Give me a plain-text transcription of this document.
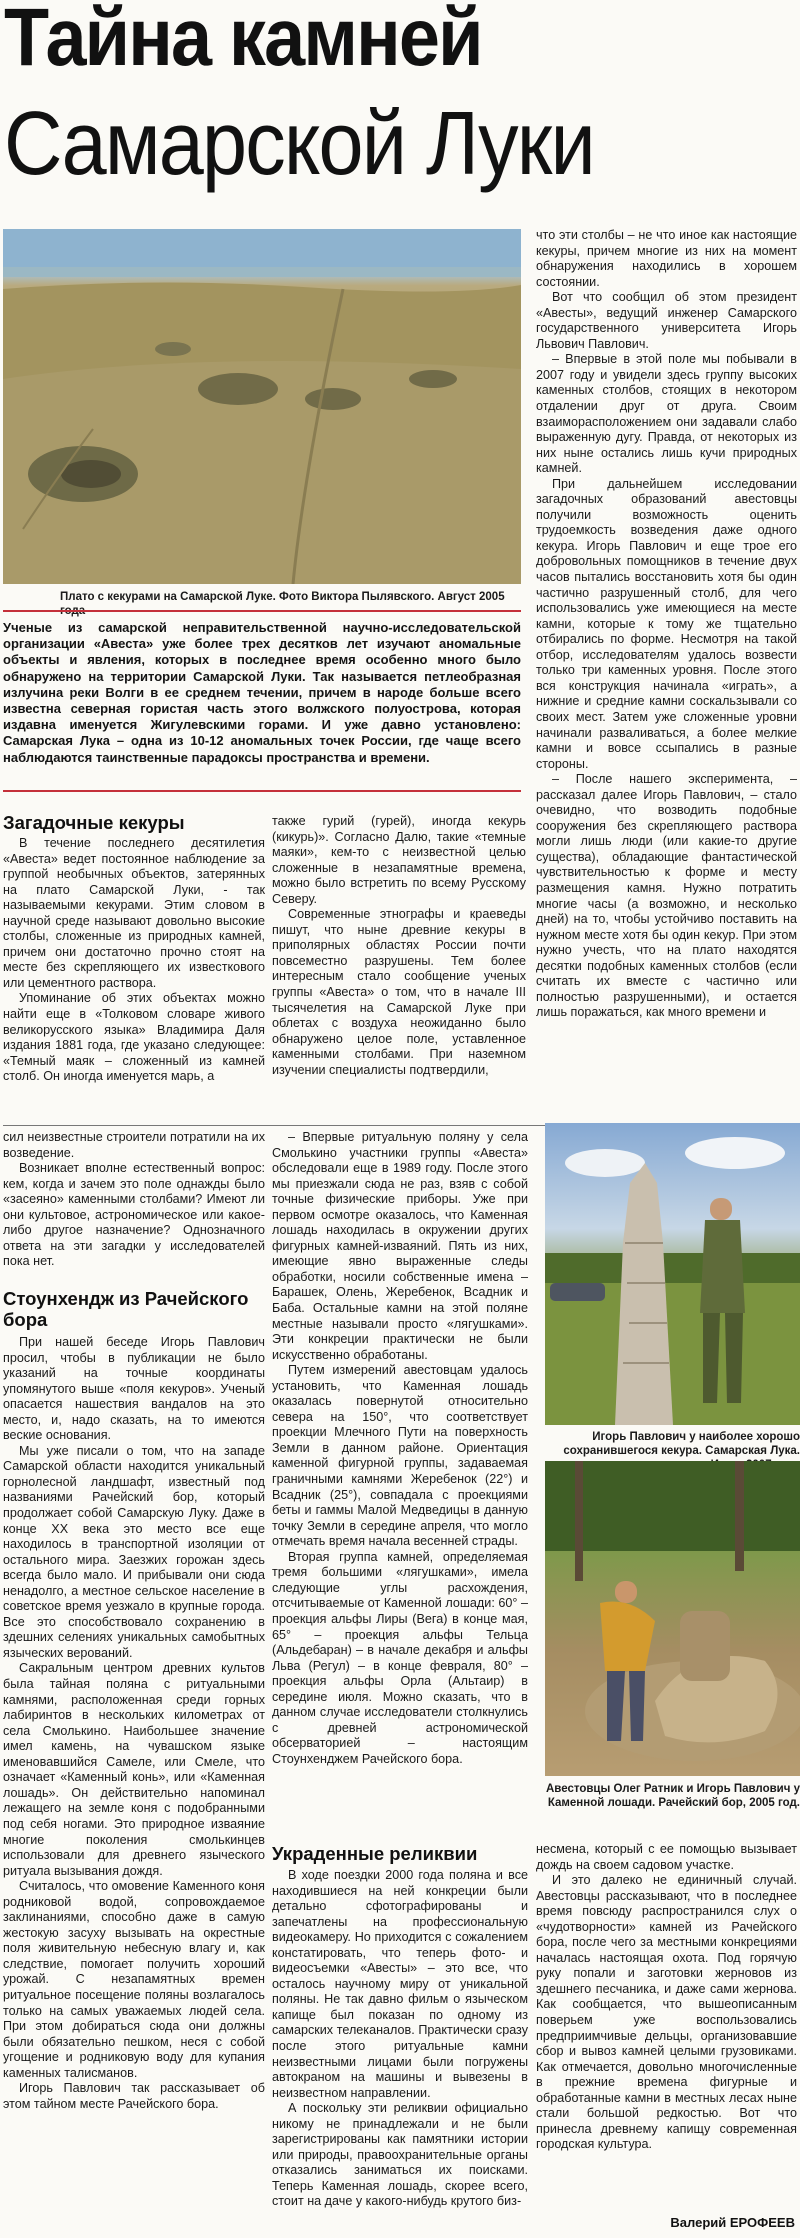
Тайна камней
Самарской Луки
Плато с кекурами на Самарской Луке. Фото Виктора Пылявского. Август 2005
Ученые из самарской неправительственной научно-исследовательской организации «Авеста» уже более трех десятков лет изучают аномальные объекты и явления, которых в последнее время особенно много было обнаружено на территории Самарской Луки. Так называется петлеобразная излучина реки Волги в ее среднем течении, причем в народе больше всего известна северная гористая часть этого волжского полуострова, которая издавна именуется Жигулевскими горами. И уже давно установлено: Самарская Лука – одна из 10-12 аномальных точек России, где чаще всего наблюдаются таинственные парадоксы пространства и времени.

что эти столбы – не что иное как настоящие кекуры, причем многие из них на момент обнаружения находились в хорошем состоянии.

Вот что сообщил об этом президент «Авесты», ведущий инженер Самарского государственного университета Игорь Львович Павлович.

– Впервые в этой поле мы побывали в 2007 году и увидели здесь группу высоких каменных столбов, стоящих в некотором отдалении друг от друга. Своим взаиморасположением они задавали слабо выраженную дугу. Правда, от некоторых из них ныне остались лишь кучи природных камней.

При дальнейшем исследовании загадочных образований авестовцы получили возможность оценить трудоемкость возведения даже одного кекура. Игорь Павлович и еще трое его добровольных помощников в течение двух часов пытались восстановить хотя бы один частично разрушенный столб, для чего использовались уже имеющиеся на месте камни, которые к тому же тщательно отбирались по форме. Несмотря на такой отбор, исследователям удалось возвести только три каменных уровня. После этого вся конструкция начинала «играть», а нижние и средние камни соскальзывали со своих мест. Затем уже сложенные уровни начинали разваливаться, а более мелкие камни и вовсе ссыпались в разные стороны.

– После нашего эксперимента, – рассказал далее Игорь Павлович, – стало очевидно, что возводить подобные сооружения без скрепляющего раствора могли лишь люди (или какие-то другие существа), обладающие фантастической чувствительностью к форме и месту размещения камня. Нужно потратить многие часы (а возможно, и несколько дней) на то, чтобы устойчиво поставить на нужном месте хотя бы один кекур. При этом нужно учесть, что на плато находятся десятки подобных каменных столбов (если считать их вместе с частично или полностью разрушенными), и остается лишь поражаться, как много времени и

Загадочные кекуры

В течение последнего десятилетия «Авеста» ведет постоянное наблюдение за группой необычных объектов, затерянных на плато Самарской Луки, - так называемыми кекурами. Этим словом в научной среде называют довольно высокие столбы, сложенные из природных камней, причем они достаточно прочно стоят на месте без скрепляющего их известкового или цементного раствора.

Упоминание об этих объектах можно найти еще в «Толковом словаре живого великорусского языка» Владимира Даля издания 1881 года, где указано следующее: «Темный маяк – сложенный из камней столб. Он иногда именуется марь, а

также гурий (гурей), иногда кекурь (кикурь)». Согласно Далю, такие «темные маяки», кем-то с неизвестной целью сложенные в незапамятные времена, можно было встретить по всему Русскому Северу.

Современные этнографы и краеведы пишут, что ныне древние кекуры в приполярных областях России почти повсеместно разрушены. Тем более интересным стало сообщение ученых группы «Авеста» о том, что в начале III тысячелетия на Самарской Луке при облетах с воздуха неожиданно было обнаружено целое поле, уставленное каменными столбами. При наземном изучении специалисты подтвердили,

сил неизвестные строители потратили на их возведение.

Возникает вполне естественный вопрос: кем, когда и зачем это поле однажды было «засеяно» каменными столбами? Имеют ли они культовое, астрономическое или какое-либо другое назначение? Однозначного ответа на эти загадки у исследователей пока нет.

Стоунхендж из Рачейского бора

При нашей беседе Игорь Павлович просил, чтобы в публикации не было указаний на точные координаты упомянутого выше «поля кекуров». Ученый опасается нашествия вандалов на это место, и, надо сказать, на то имеются веские основания.

Мы уже писали о том, что на западе Самарской области находится уникальный горнолесной ландшафт, известный под названиями Рачейский бор, который продолжает собой Самарскую Луку. Даже в конце XX века это место все еще находилось в транспортной изоляции от остального мира. Заезжих горожан здесь всегда было мало. И прибывали они сюда ненадолго, а местное сельское население в советское время уезжало в крупные города. Все это способствовало сохранению в здешних селениях уникальных самобытных языческих верований.

Сакральным центром древних культов была тайная поляна с ритуальными камнями, расположенная среди горных лабиринтов в нескольких километрах от села Смолькино. Наибольшее значение имел камень, на чувашском языке именовавшийся Самеле, или Смеле, что означает «Каменный конь», или «Каменная лошадь». Он действительно напоминал лежащего на земле коня с подобранными под себя ногами. Это природное изваяние многие поколения смолькинцев использовали для древнего языческого ритуала вызывания дождя.

Считалось, что омовение Каменного коня родниковой водой, сопровождаемое заклинаниями, способно даже в самую жестокую засуху вызывать на окрестные поля живительную небесную влагу и, как следствие, помогает получить хороший урожай. С незапамятных времен ритуальное посещение поляны возлагалось только на самых уважаемых людей села. При этом добираться сюда они должны были обязательно пешком, неся с собой угощение и родниковую воду для купания каменных талисманов.

Игорь Павлович так рассказывает об этом тайном месте Рачейского бора.

– Впервые ритуальную поляну у села Смолькино участники группы «Авеста» обследовали еще в 1989 году. После этого мы приезжали сюда не раз, взяв с собой точные физические приборы. Уже при первом осмотре оказалось, что Каменная лошадь находилась в окружении других фигурных камней-изваяний. Пять из них, имеющие явно выраженные следы обработки, носили собственные имена – Барашек, Олень, Жеребенок, Всадник и Баба. Остальные камни на этой поляне местные называли просто «лягушками». Эти конкреции практически не были искусственно обработаны.

Путем измерений авестовцам удалось установить, что Каменная лошадь оказалась повернутой относительно севера на 150°, что соответствует проекции Млечного Пути на поверхность Земли в данном районе. Ориентация каменной фигурной группы, задаваемая граничными камнями Жеребенок (22°) и Всадник (25°), совпадала с проекциями беты и гаммы Малой Медведицы в данную точку Земли в середине апреля, что могло отмечать время начала весенней страды.

Вторая группа камней, определяемая тремя большими «лягушками», имела следующие углы расхождения, отсчитываемые от Каменной лошади: 60° – проекция альфы Лиры (Вега) в конце мая, 65° – проекция альфы Тельца (Альдебаран) – в начале декабря и альфы Льва (Регул) – в конце февраля, 80° – проекция альфы Орла (Альтаир) в середине июля. Можно сказать, что в данном случае исследователи столкнулись с древней астрономической обсерваторией – настоящим Стоунхенджем Рачейского бора.

Украденные реликвии

В ходе поездки 2000 года поляна и все находившиеся на ней конкреции были детально сфотографированы и запечатлены на профессиональную видеокамеру. Но приходится с сожалением констатировать, что теперь фото- и видеосъемки «Авесты» – это все, что осталось научному миру от уникальной поляны. Не так давно фильм о языческом капище был показан по одному из самарских телеканалов. Практически сразу после этого ритуальные камни неизвестными лицами были погружены автокраном на машины и вывезены в неизвестном направлении.

А поскольку эти реликвии официально никому не принадлежали и не были зарегистрированы как памятники истории или природы, правоохранительные органы отказались заниматься их поисками. Теперь Каменная лошадь, скорее всего, стоит на даче у какого-нибудь крутого биз-

Игорь Павлович у наиболее хорошо сохранившегося кекура. Самарская Лука.
Авестовцы Олег Ратник и Игорь Павлович у Каменной лошади. Рачейский бор, 2005 год.

несмена, который с ее помощью вызывает дождь на своем садовом участке.

И это далеко не единичный случай. Авестовцы рассказывают, что в последнее время повсюду распространился слух о «чудотворности» камней из Рачейского бора, после чего за местными конкрециями началась настоящая охота. Под горячую руку попали и заготовки жерновов из здешнего песчаника, и даже сами жернова. Как сообщается, что вышеописанным поверьем уже воспользовались предприимчивые дельцы, организовавшие сбор и вывоз камней целыми грузовиками. Как отмечается, довольно многочисленные в прежние времена фигурные и обработанные камни в местных лесах ныне стали большой редкостью. Вот что принесла древнему капищу современная городская культура.

Валерий ЕРОФЕЕВ
